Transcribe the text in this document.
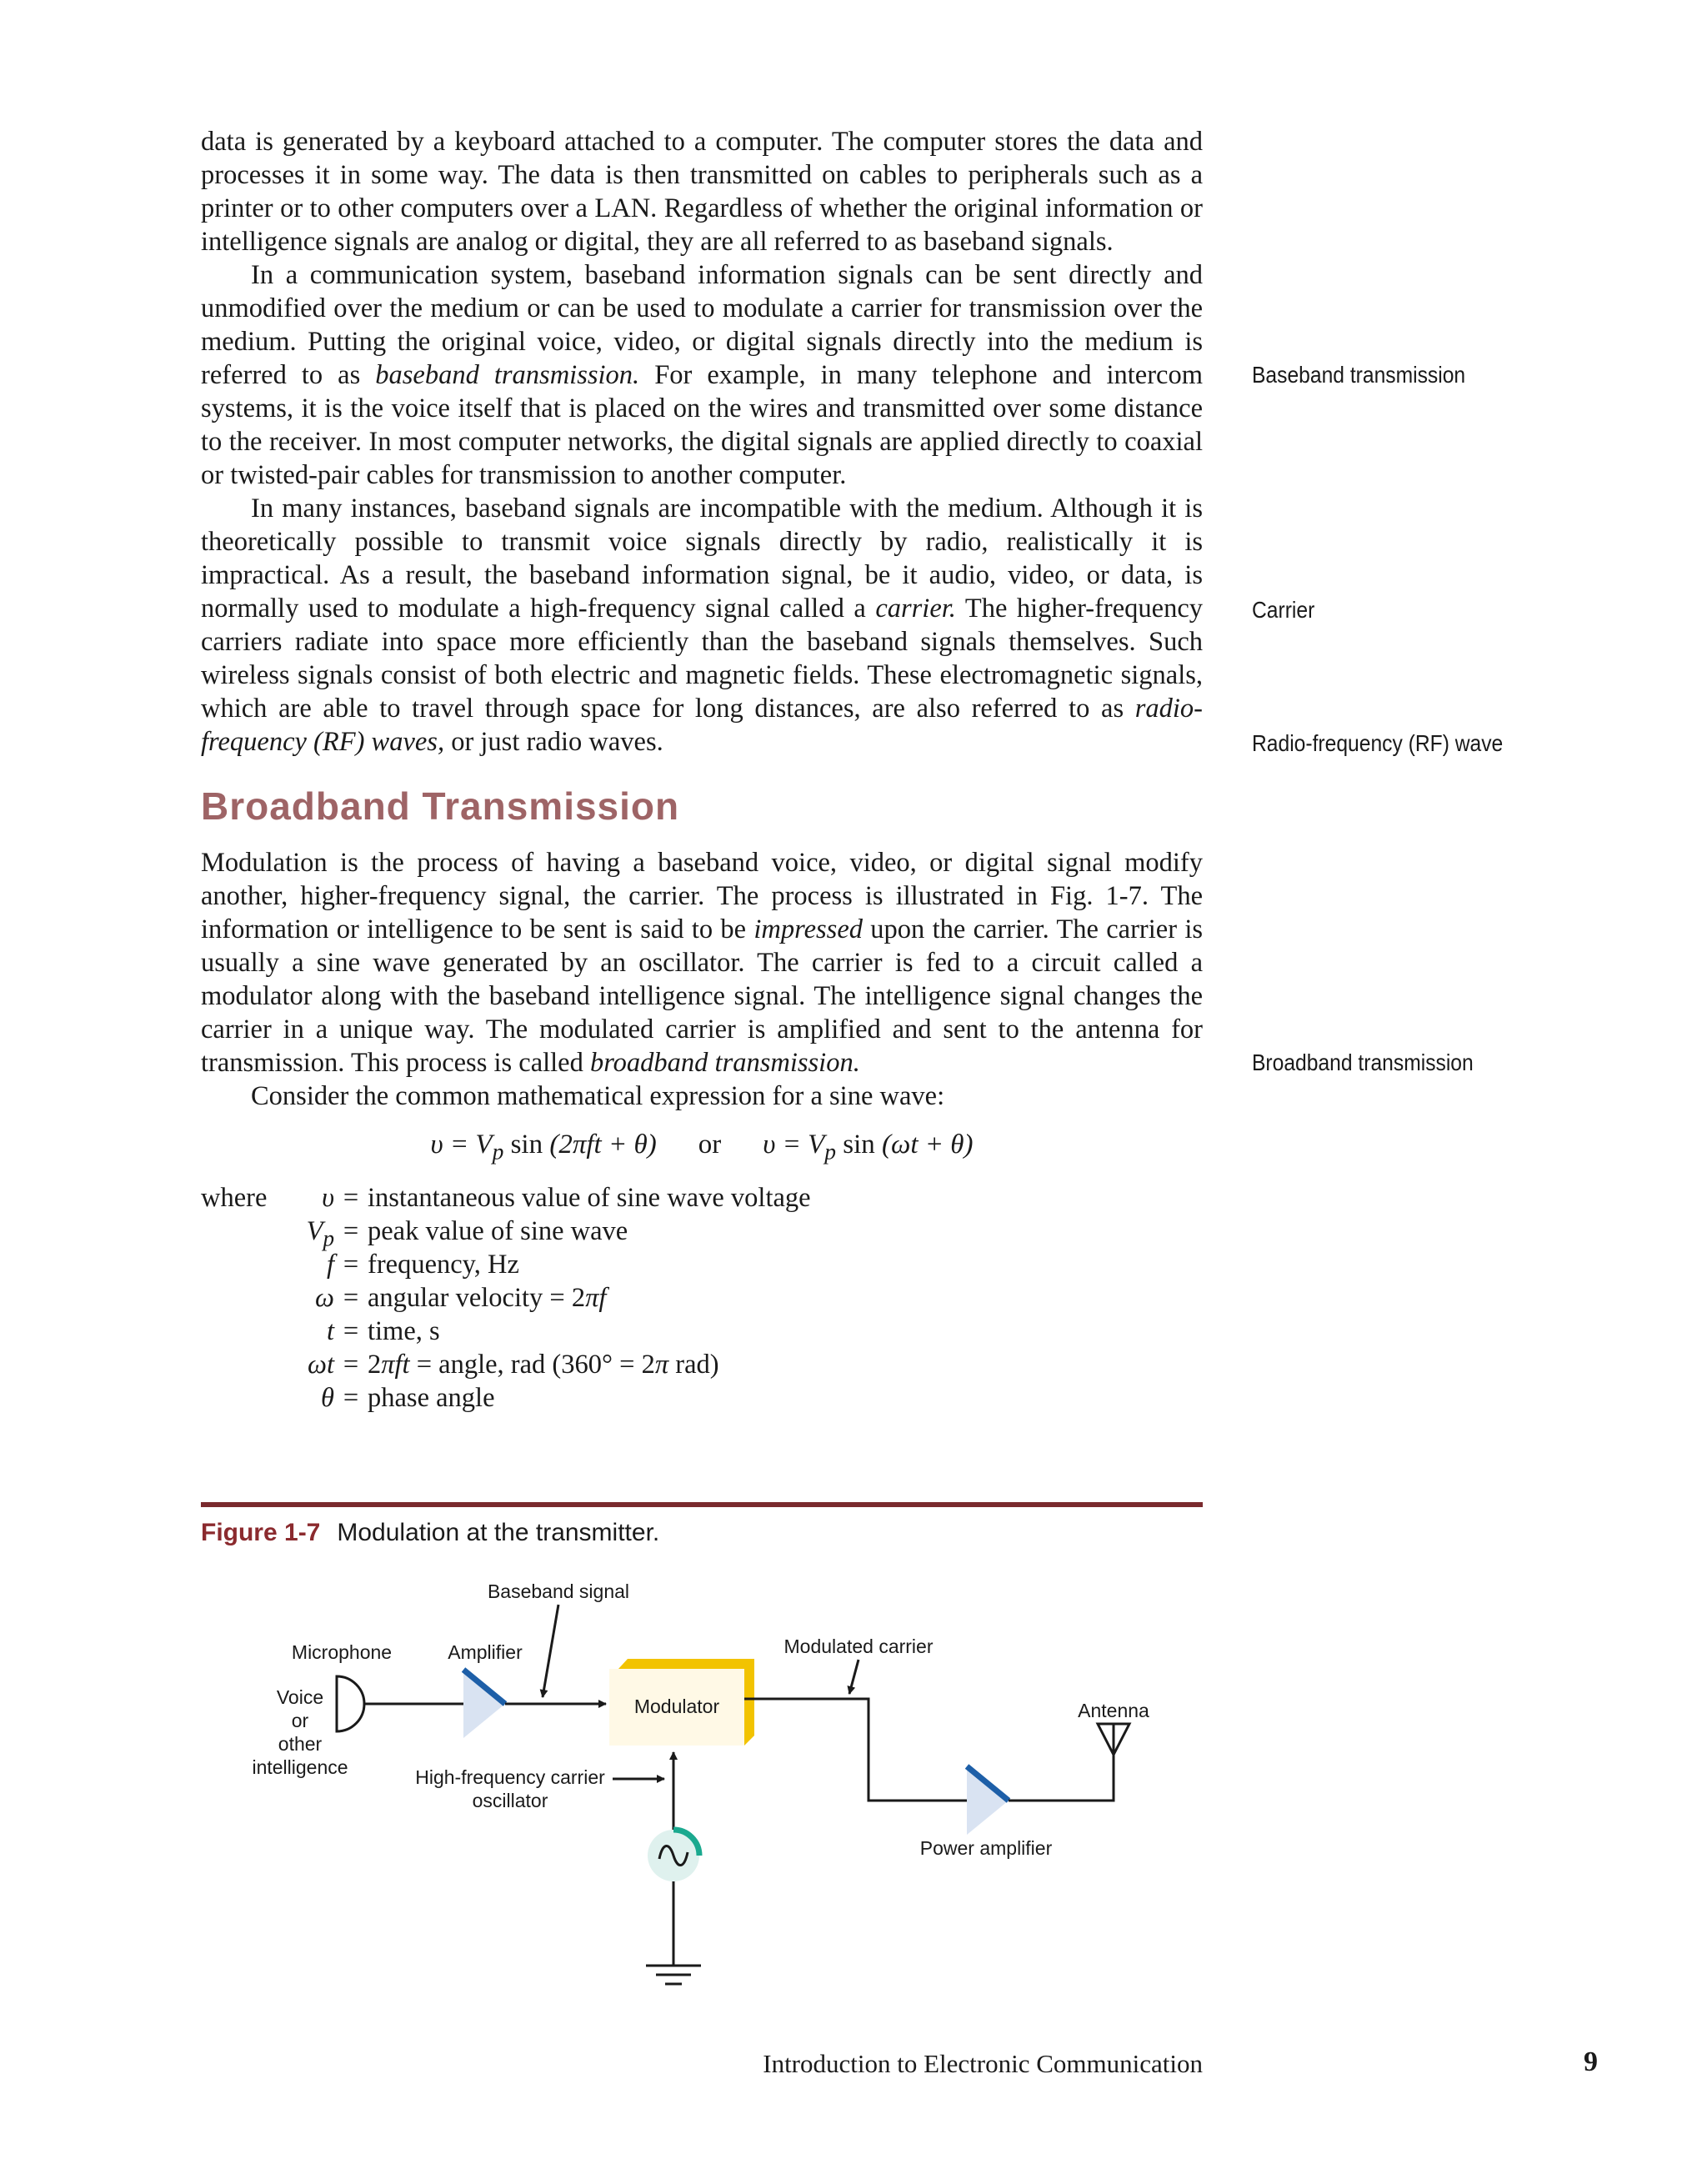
data is generated by a keyboard attached to a computer. The computer stores the data and processes it in some way. The data is then transmitted on cables to peripherals such as a printer or to other computers over a LAN. Regardless of whether the original information or intelligence signals are analog or digital, they are all referred to as baseband signals.

In a communication system, baseband information signals can be sent directly and unmodified over the medium or can be used to modulate a carrier for transmission over the medium. Putting the original voice, video, or digital signals directly into the medium is referred to as baseband transmission. For example, in many telephone and intercom systems, it is the voice itself that is placed on the wires and transmitted over some distance to the receiver. In most computer networks, the digital signals are applied directly to coaxial or twisted-pair cables for transmission to another computer.

In many instances, baseband signals are incompatible with the medium. Although it is theoretically possible to transmit voice signals directly by radio, realistically it is impractical. As a result, the baseband information signal, be it audio, video, or data, is normally used to modulate a high-frequency signal called a carrier. The higher-frequency carriers radiate into space more efficiently than the baseband signals themselves. Such wireless signals consist of both electric and magnetic fields. These electromagnetic signals, which are able to travel through space for long distances, are also referred to as radio-frequency (RF) waves, or just radio waves.

Baseband transmission
Carrier
Radio-frequency (RF) wave
Broadband transmission
Broadband Transmission

Modulation is the process of having a baseband voice, video, or digital signal modify another, higher-frequency signal, the carrier. The process is illustrated in Fig. 1-7. The information or intelligence to be sent is said to be impressed upon the carrier. The carrier is usually a sine wave generated by an oscillator. The carrier is fed to a circuit called a modulator along with the baseband intelligence signal. The intelligence signal changes the carrier in a unique way. The modulated carrier is amplified and sent to the antenna for transmission. This process is called broadband transmission.

Consider the common mathematical expression for a sine wave:

$\upsilon = V_p$ sin (2πft + θ) or $\upsilon = V_p$ sin (ωt + θ)
where	υ = instantaneous value of sine wave voltage
$V_p$ = peak value of sine wave
f = frequency, Hz
ω = angular velocity = 2πf
t = time, s
ωt = 2πft = angle, rad (360° = 2π rad)
θ = phase angle
Figure 1-7 Modulation at the transmitter.
Baseband signal
Microphone	Amplifier	Modulated carrier
Antenna
Voice
or
other
intelligence	High-frequency carrier
oscillator
Power amplifier
Modulator
Introduction to Electronic Communication	9
